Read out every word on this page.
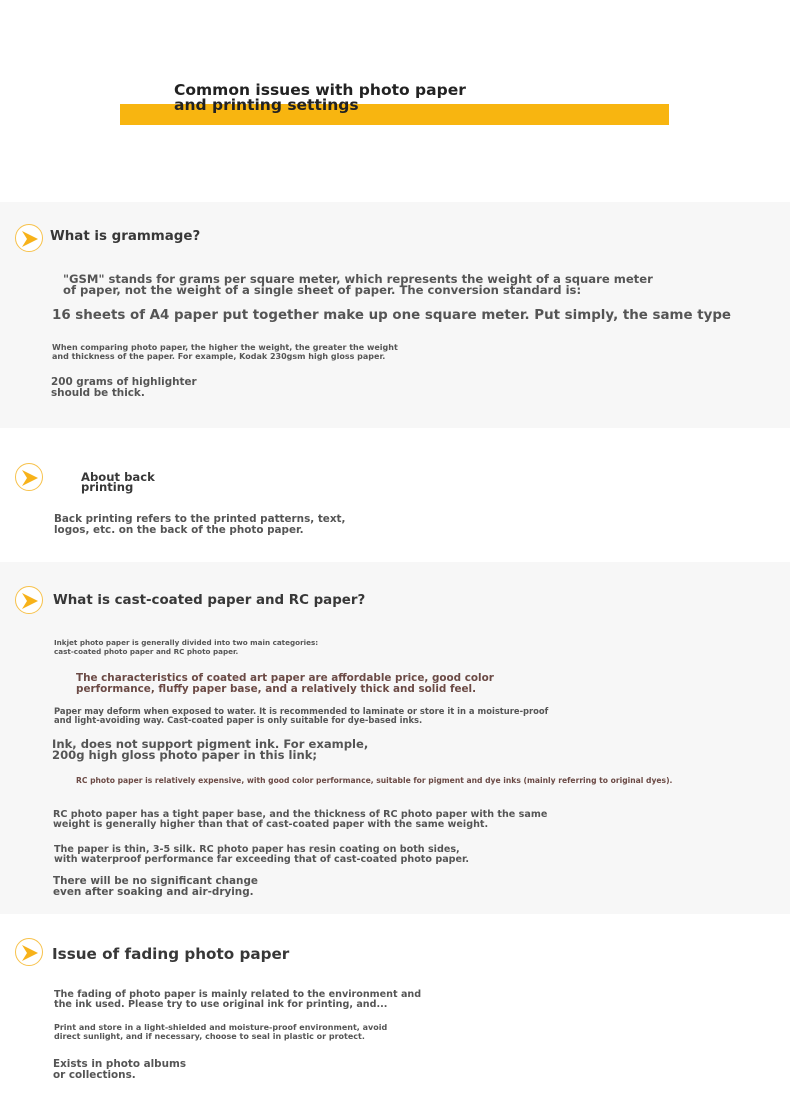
Common issues with photo paper
and printing settings
What is grammage?

"GSM" stands for grams per square meter, which represents the weight of a square meter
of paper, not the weight of a single sheet of paper. The conversion standard is:

16 sheets of A4 paper put together make up one square meter. Put simply, the same type

When comparing photo paper, the higher the weight, the greater the weight
and thickness of the paper. For example, Kodak 230gsm high gloss paper.

200 grams of highlighter
should be thick.

About back
printing

Back printing refers to the printed patterns, text,
logos, etc. on the back of the photo paper.

What is cast-coated paper and RC paper?

Inkjet photo paper is generally divided into two main categories:
cast-coated photo paper and RC photo paper.

The characteristics of coated art paper are affordable price, good color
performance, fluffy paper base, and a relatively thick and solid feel.

Paper may deform when exposed to water. It is recommended to laminate or store it in a moisture-proof
and light-avoiding way. Cast-coated paper is only suitable for dye-based inks.

Ink, does not support pigment ink. For example,
200g high gloss photo paper in this link;

RC photo paper is relatively expensive, with good color performance, suitable for pigment and dye inks (mainly referring to original dyes).

RC photo paper has a tight paper base, and the thickness of RC photo paper with the same
weight is generally higher than that of cast-coated paper with the same weight.

The paper is thin, 3-5 silk. RC photo paper has resin coating on both sides,
with waterproof performance far exceeding that of cast-coated photo paper.

There will be no significant change
even after soaking and air-drying.

Issue of fading photo paper

The fading of photo paper is mainly related to the environment and
the ink used. Please try to use original ink for printing, and...

Print and store in a light-shielded and moisture-proof environment, avoid
direct sunlight, and if necessary, choose to seal in plastic or protect.

Exists in photo albums
or collections.
